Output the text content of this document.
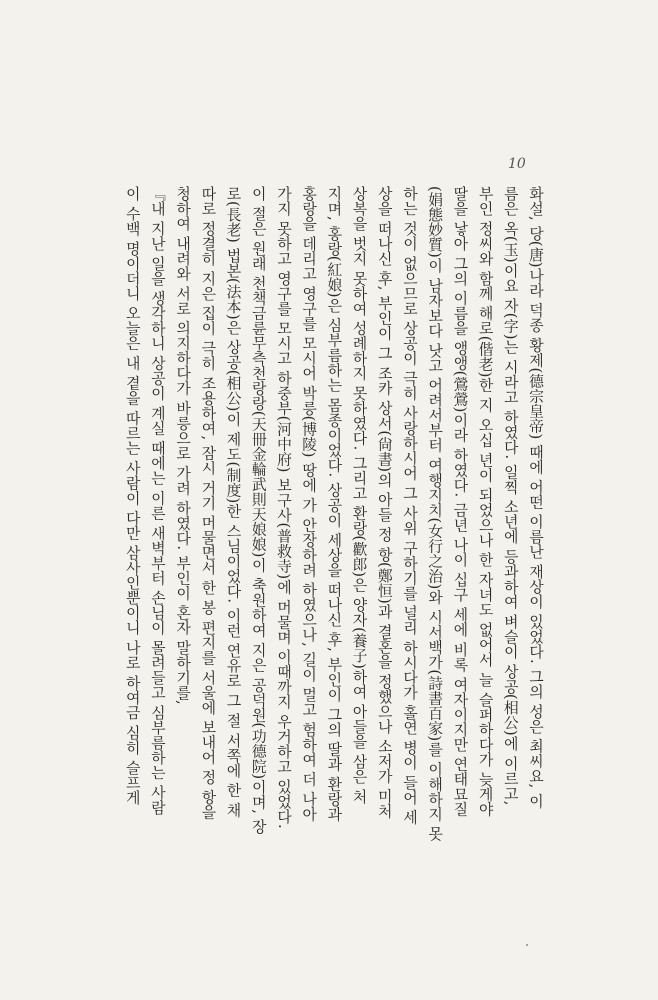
10
화설, 당(唐)나라 덕종 황제(德宗皇帝) 때에 어떤 이름난 재상이 있었다. 그의 성은 최씨요, 이
름은 옥(玉)이요 자(字)는 시라고 하였다. 일찍 소년에 등과하여 벼슬이 상공(相公)에 이르고,
부인 정씨와 함께 해로(偕老)한 지 오십 년이 되었으나 한 자녀도 없어서 늘 슬퍼하다가 늦게야
딸을 낳아 그의 이름을 앵앵(鶯鶯)이라 하였다. 금년 나이 십구 세에 비록 여자이지만 연태묘질
(娟態妙質)이 남자보다 낫고 어려서부터 여행지치(女行之治)와 시서백가(詩書百家)를 이해하지 못
하는 것이 없으므로 상공이 극히 사랑하시어 그 사위 구하기를 널리 하시다가 홀연 병이 들어 세
상을 떠나신 후, 부인이 그 조카 상서(尙書)의 아들 정 항(鄭恒)과 결혼을 정했으나 소저가 미처
상복을 벗지 못하여 성례하지 못하였다. 그리고 환랑(歡郎)은 양자(養子)하여 아들을 삼은 처
지며, 홍랑(紅娘)은 심부름하는 몸종이었다. 상공이 세상을 떠나신 후, 부인이 그의 딸과 환랑과
홍랑을 데리고 영구를 모시어 박릉(博陵) 땅에 가 안장하려 하였으나, 길이 멀고 험하여 더 나아
가지 못하고 영구를 모시고 하중부(河中府) 보구사(普救寺)에 머물며 이때까지 우거하고 있었다.
이 절은 원래 천책금륜무측천랑랑(天冊金輪武則天娘娘)이 축원하여 지은 공덕원(功德院)이며, 장
로(長老) 법본(法本)은 상공(相公)이 제도(制度)한 스님이었다. 이런 연유로 그 절 서쪽에 한 채
따로 정결히 지은 집이 극히 조용하여, 잠시 거기 머물면서 한 봉 편지를 서울에 보내어 정 항을
청하여 내려와 서로 의지하다가 바릉으로 가려 하였다. 부인이 혼자 말하기를,
『내 지난 일을 생각하니 상공이 계실 때에는 이른 새벽부터 손님이 몰려들고 심부름하는 사람
이 수백 명이더니 오늘은 내 곁을 따르는 사람이 다만 삼사인뿐이니 나로 하여금 심히 슬프게
